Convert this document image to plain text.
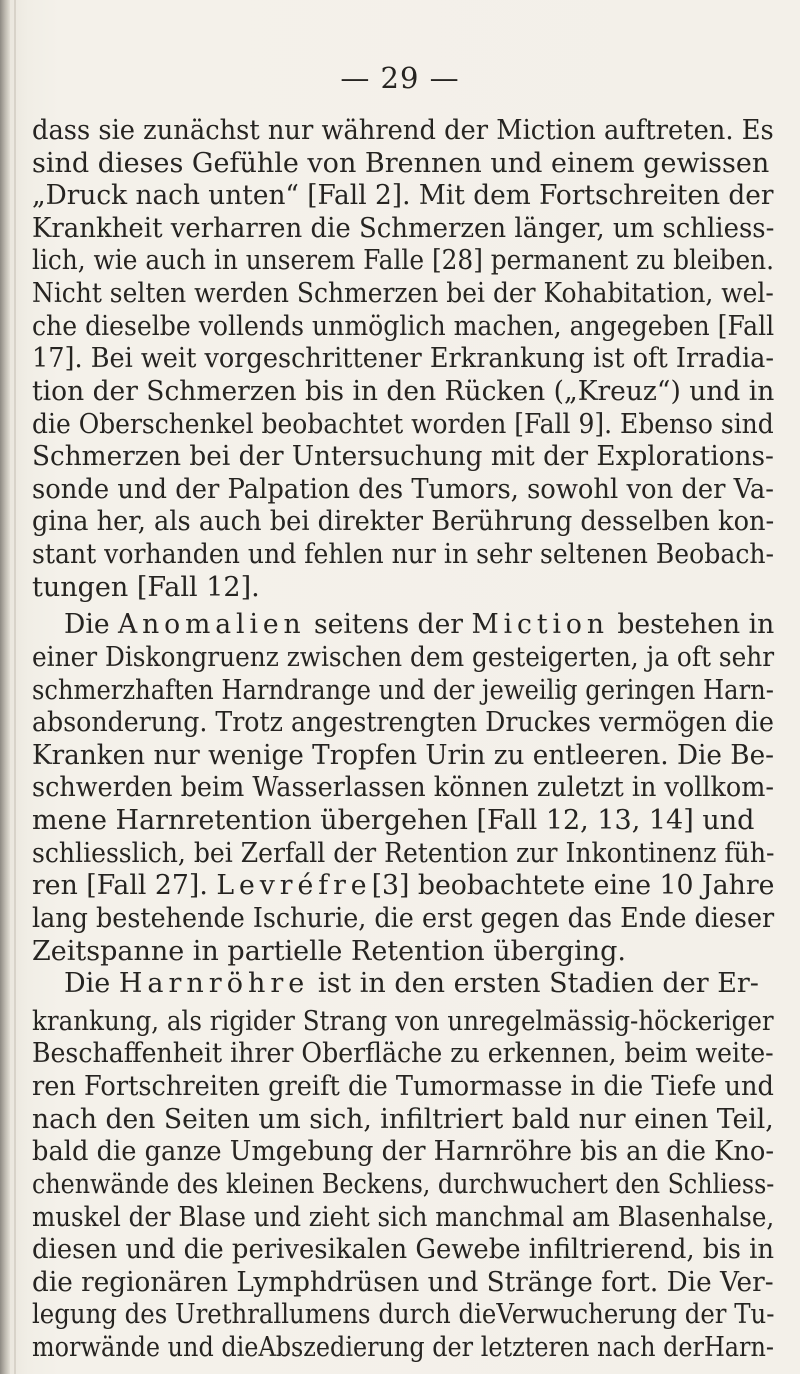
— 29 —
dass sie zunächst nur während der Miction auftreten. Es
sind dieses Gefühle von Brennen und einem gewissen
„Druck nach unten“ [Fall 2]. Mit dem Fortschreiten der
Krankheit verharren die Schmerzen länger, um schliess-
lich, wie auch in unserem Falle [28] permanent zu bleiben.
Nicht selten werden Schmerzen bei der Kohabitation, wel-
che dieselbe vollends unmöglich machen, angegeben [Fall
17]. Bei weit vorgeschrittener Erkrankung ist oft Irradia-
tion der Schmerzen bis in den Rücken („Kreuz“) und in
die Oberschenkel beobachtet worden [Fall 9]. Ebenso sind
Schmerzen bei der Untersuchung mit der Explorations-
sonde und der Palpation des Tumors, sowohl von der Va-
gina her, als auch bei direkter Berührung desselben kon-
stant vorhanden und fehlen nur in sehr seltenen Beobach-
tungen [Fall 12].
Die Anomalien seitens der Miction bestehen in
einer Diskongruenz zwischen dem gesteigerten, ja oft sehr
schmerzhaften Harndrange und der jeweilig geringen Harn-
absonderung. Trotz angestrengten Druckes vermögen die
Kranken nur wenige Tropfen Urin zu entleeren. Die Be-
schwerden beim Wasserlassen können zuletzt in vollkom-
mene Harnretention übergehen [Fall 12, 13, 14] und
schliesslich, bei Zerfall der Retention zur Inkontinenz füh-
ren [Fall 27]. Levréfre[3] beobachtete eine 10 Jahre
lang bestehende Ischurie, die erst gegen das Ende dieser
Zeitspanne in partielle Retention überging.
Die Harnröhre ist in den ersten Stadien der Er-
krankung, als rigider Strang von unregelmässig-höckeriger
Beschaffenheit ihrer Oberfläche zu erkennen, beim weite-
ren Fortschreiten greift die Tumormasse in die Tiefe und
nach den Seiten um sich, infiltriert bald nur einen Teil,
bald die ganze Umgebung der Harnröhre bis an die Kno-
chenwände des kleinen Beckens, durchwuchert den Schliess-
muskel der Blase und zieht sich manchmal am Blasenhalse,
diesen und die perivesikalen Gewebe infiltrierend, bis in
die regionären Lymphdrüsen und Stränge fort. Die Ver-
legung des Urethrallumens durch dieVerwucherung der Tu-
morwände und dieAbszedierung der letzteren nach derHarn-
